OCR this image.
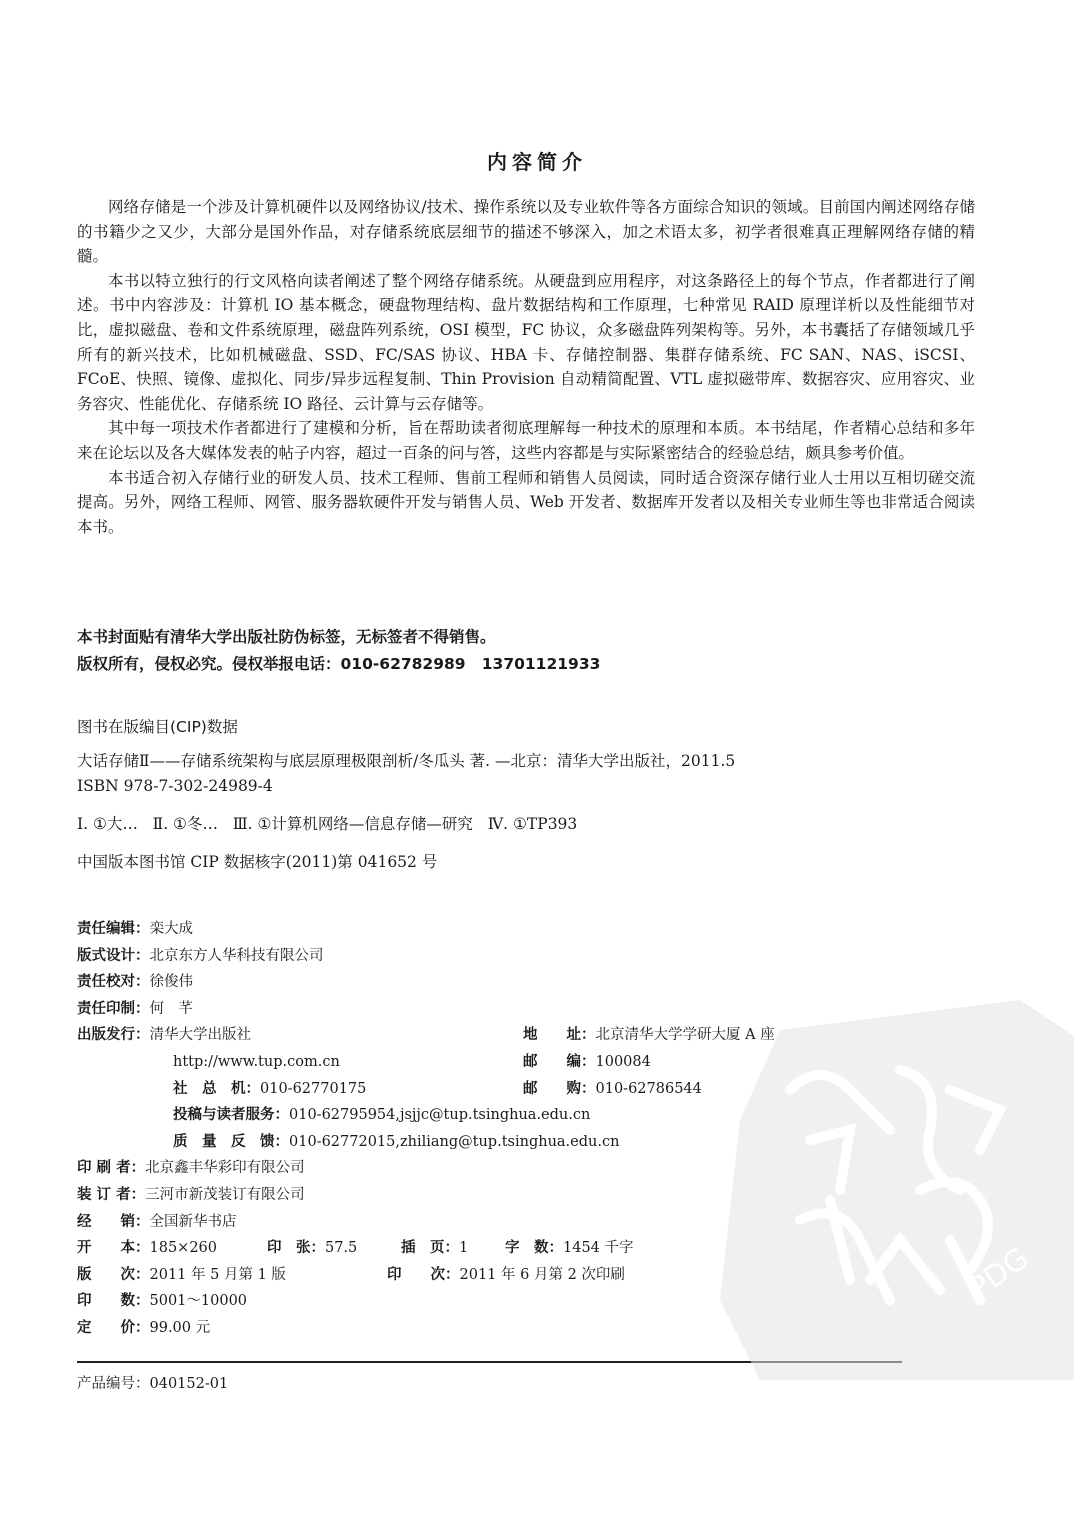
内容简介

网络存储是一个涉及计算机硬件以及网络协议/技术、操作系统以及专业软件等各方面综合知识的领域。目前国内阐述网络存储的书籍少之又少，大部分是国外作品，对存储系统底层细节的描述不够深入，加之术语太多，初学者很难真正理解网络存储的精髓。

本书以特立独行的行文风格向读者阐述了整个网络存储系统。从硬盘到应用程序，对这条路径上的每个节点，作者都进行了阐述。书中内容涉及：计算机 IO 基本概念，硬盘物理结构、盘片数据结构和工作原理，七种常见 RAID 原理详析以及性能细节对比，虚拟磁盘、卷和文件系统原理，磁盘阵列系统，OSI 模型，FC 协议，众多磁盘阵列架构等。另外，本书囊括了存储领域几乎所有的新兴技术，比如机械磁盘、SSD、FC/SAS 协议、HBA 卡、存储控制器、集群存储系统、FC SAN、NAS、iSCSI、FCoE、快照、镜像、虚拟化、同步/异步远程复制、Thin Provision 自动精简配置、VTL 虚拟磁带库、数据容灾、应用容灾、业务容灾、性能优化、存储系统 IO 路径、云计算与云存储等。

其中每一项技术作者都进行了建模和分析，旨在帮助读者彻底理解每一种技术的原理和本质。本书结尾，作者精心总结和多年来在论坛以及各大媒体发表的帖子内容，超过一百条的问与答，这些内容都是与实际紧密结合的经验总结，颇具参考价值。

本书适合初入存储行业的研发人员、技术工程师、售前工程师和销售人员阅读，同时适合资深存储行业人士用以互相切磋交流提高。另外，网络工程师、网管、服务器软硬件开发与销售人员、Web 开发者、数据库开发者以及相关专业师生等也非常适合阅读本书。

本书封面贴有清华大学出版社防伪标签，无标签者不得销售。
版权所有，侵权必究。侵权举报电话：010-62782989   13701121933
图书在版编目(CIP)数据
大话存储Ⅱ——存储系统架构与底层原理极限剖析/冬瓜头 著. —北京：清华大学出版社，2011.5
ISBN 978-7-302-24989-4
Ⅰ. ①大…   Ⅱ. ①冬…   Ⅲ. ①计算机网络—信息存储—研究   Ⅳ. ①TP393
中国版本图书馆 CIP 数据核字(2011)第 041652 号
责任编辑：栾大成
版式设计：北京东方人华科技有限公司
责任校对：徐俊伟
责任印制：何　芊
出版发行：清华大学出版社	地　　址：北京清华大学学研大厦 A 座
http://www.tup.com.cn	邮　　编：100084
社　总　机：010-62770175	邮　　购：010-62786544
投稿与读者服务：010-62795954,jsjjc@tup.tsinghua.edu.cn
质　量　反　馈：010-62772015,zhiliang@tup.tsinghua.edu.cn
印 刷 者：北京鑫丰华彩印有限公司
装 订 者：三河市新茂装订有限公司
经　　销：全国新华书店
开　　本：185×260	印　张：57.5	插　页：1	字　数：1454 千字
版　　次：2011 年 5 月第 1 版	印　　次：2011 年 6 月第 2 次印刷
印　　数：5001～10000
定　　价：99.00 元
产品编号：040152-01
PDG
